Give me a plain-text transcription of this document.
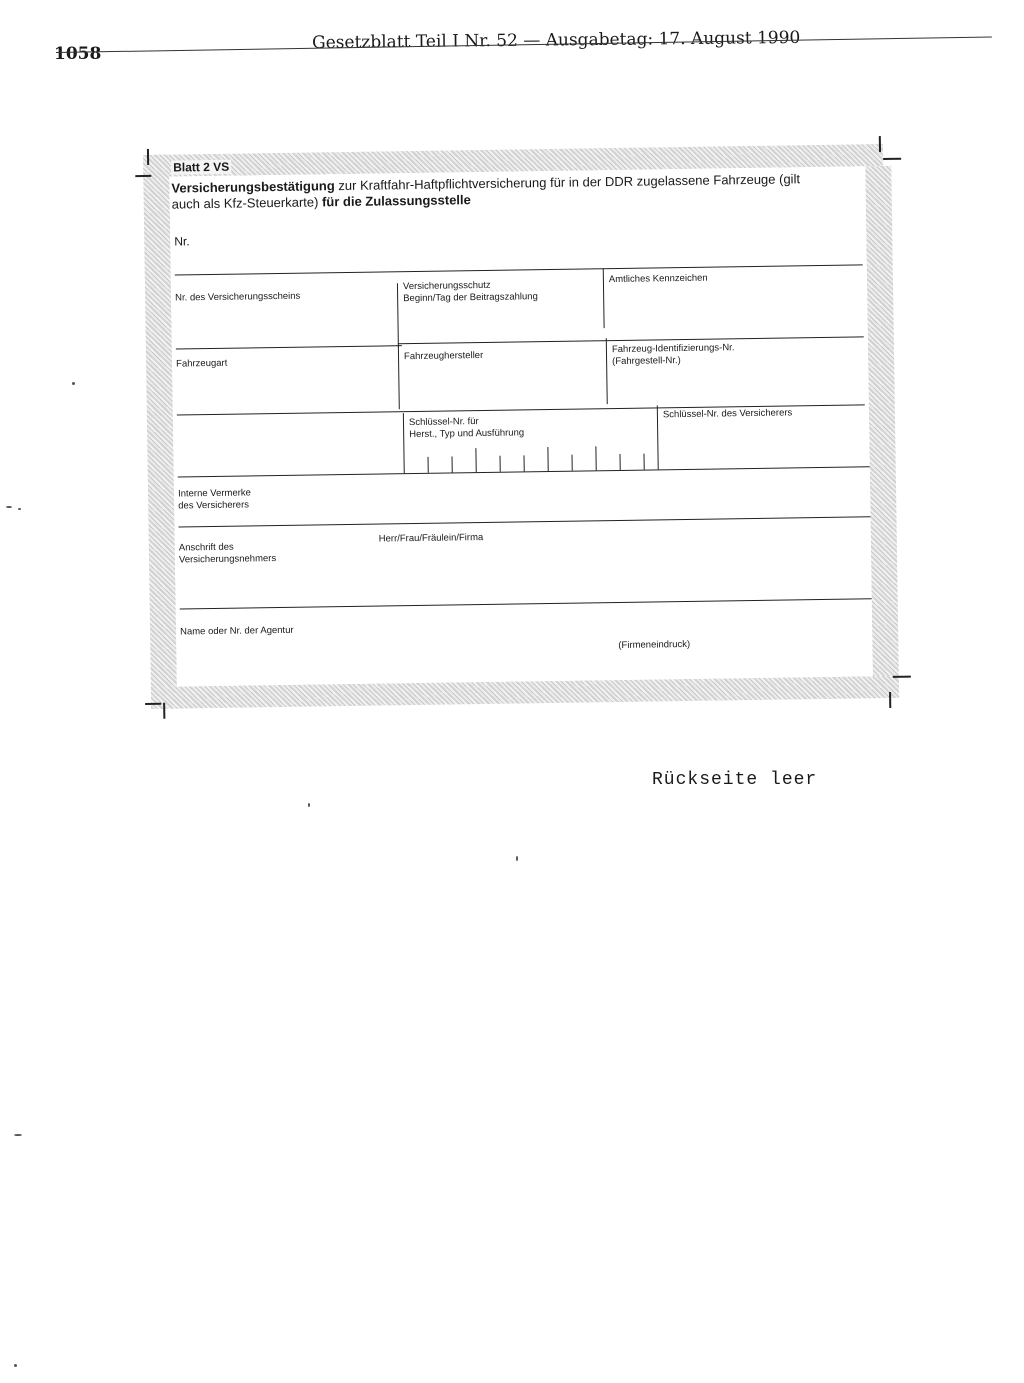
1058
Gesetzblatt Teil I Nr. 52 — Ausgabetag: 17. August 1990
Blatt 2 VS
Versicherungsbestätigung zur Kraftfahr-Haftpflichtversicherung für in der DDR zugelassene Fahrzeuge (gilt auch als Kfz-Steuerkarte) für die Zulassungsstelle
Nr.
Nr. des Versicherungsscheins
Versicherungsschutz
Beginn/Tag der Beitragszahlung
Amtliches Kennzeichen
Fahrzeugart
Fahrzeughersteller
Fahrzeug-Identifizierungs-Nr.
(Fahrgestell-Nr.)
Schlüssel-Nr. für
Herst., Typ und Ausführung
Schlüssel-Nr. des Versicherers
Interne Vermerke
des Versicherers
Anschrift des
Versicherungsnehmers
Herr/Frau/Fräulein/Firma
Name oder Nr. der Agentur
(Firmeneindruck)
Rückseite leer
